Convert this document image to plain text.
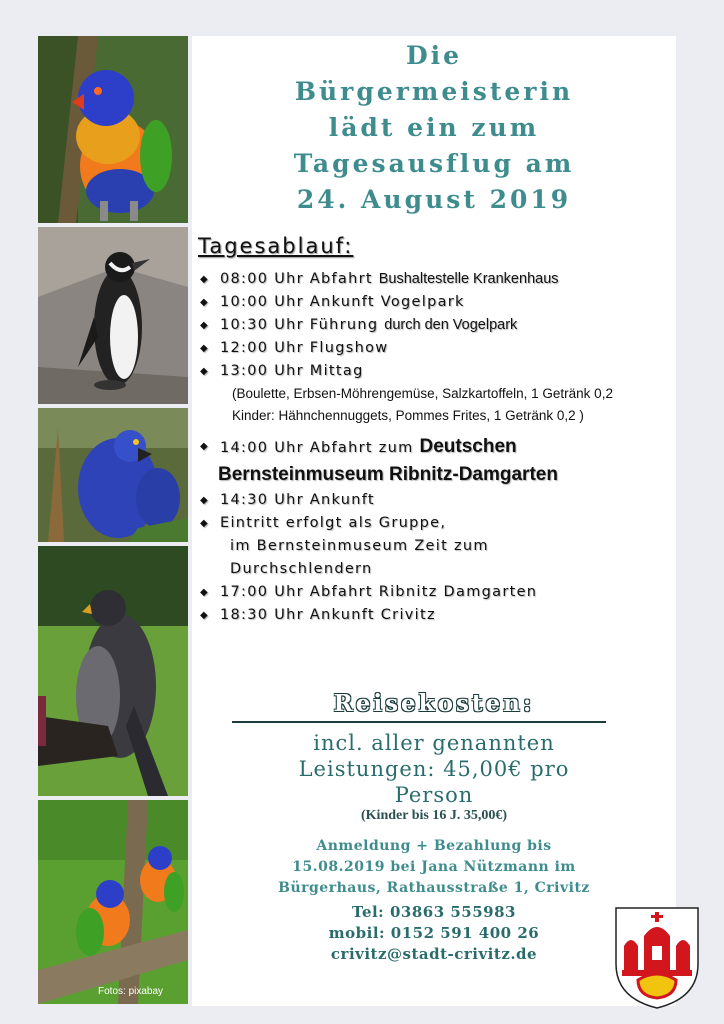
Fotos: pixabay
Die
Bürgermeisterin
lädt ein zum
Tagesausflug am
24. August 2019
Tagesablauf:
◆ 08:00 Uhr Abfahrt Bushaltestelle Krankenhaus
◆ 10:00 Uhr Ankunft Vogelpark
◆ 10:30 Uhr Führung durch den Vogelpark
◆ 12:00 Uhr Flugshow
◆ 13:00 Uhr Mittag
(Boulette, Erbsen-Möhrengemüse, Salzkartoffeln, 1 Getränk 0,2
Kinder: Hähnchennuggets, Pommes Frites, 1 Getränk 0,2 )
◆ 14:00 Uhr Abfahrt zum Deutschen
Bernsteinmuseum Ribnitz-Damgarten
◆ 14:30 Uhr Ankunft
◆ Eintritt erfolgt als Gruppe,
im Bernsteinmuseum Zeit zum
Durchschlendern
◆ 17:00 Uhr Abfahrt Ribnitz Damgarten
◆ 18:30 Uhr Ankunft Crivitz
Reisekosten:
incl. aller genannten
Leistungen: 45,00€ pro
Person
(Kinder bis 16 J. 35,00€)
Anmeldung + Bezahlung bis
15.08.2019 bei Jana Nützmann im
Bürgerhaus, Rathausstraße 1, Crivitz
Tel: 03863 555983
mobil: 0152 591 400 26
crivitz@stadt-crivitz.de
